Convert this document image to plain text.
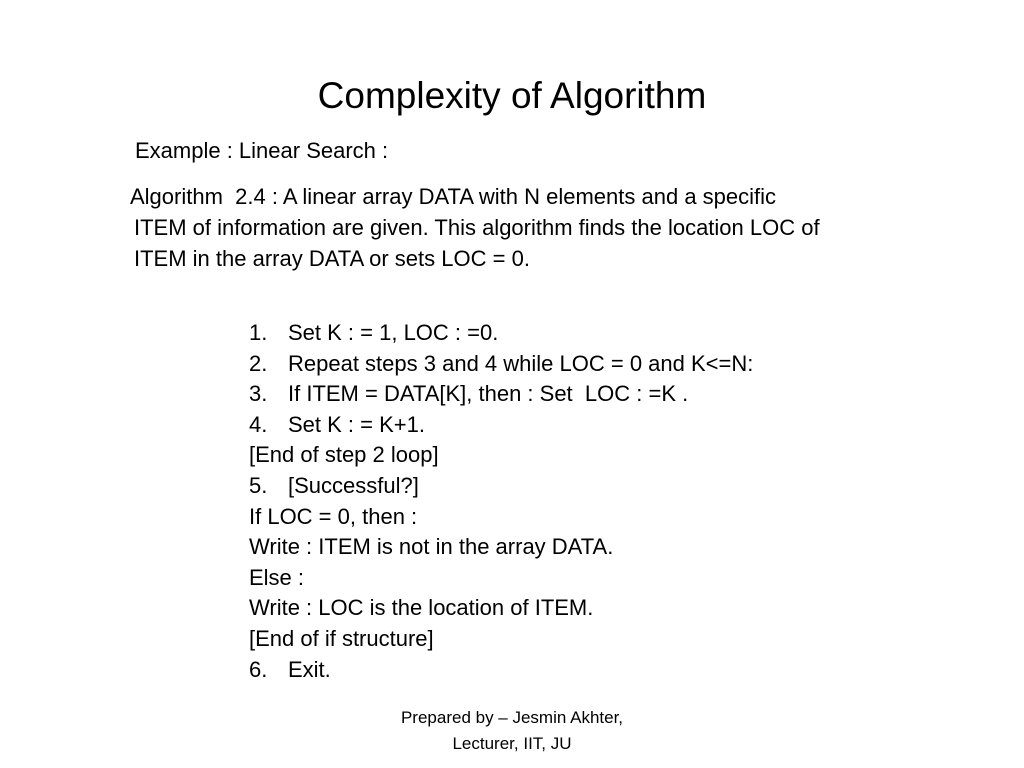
Complexity of Algorithm
Example : Linear Search :
Algorithm  2.4 : A linear array DATA with N elements and a specific
ITEM of information are given. This algorithm finds the location LOC of
ITEM in the array DATA or sets LOC = 0.
1. Set K : = 1, LOC : =0.
2. Repeat steps 3 and 4 while LOC = 0 and K<=N:
3. If ITEM = DATA[K], then : Set  LOC : =K .
4. Set K : = K+1.
[End of step 2 loop]
5. [Successful?]
If LOC = 0, then :
Write : ITEM is not in the array DATA.
Else :
Write : LOC is the location of ITEM.
[End of if structure]
6. Exit.
Prepared by – Jesmin Akhter,
Lecturer, IIT, JU
